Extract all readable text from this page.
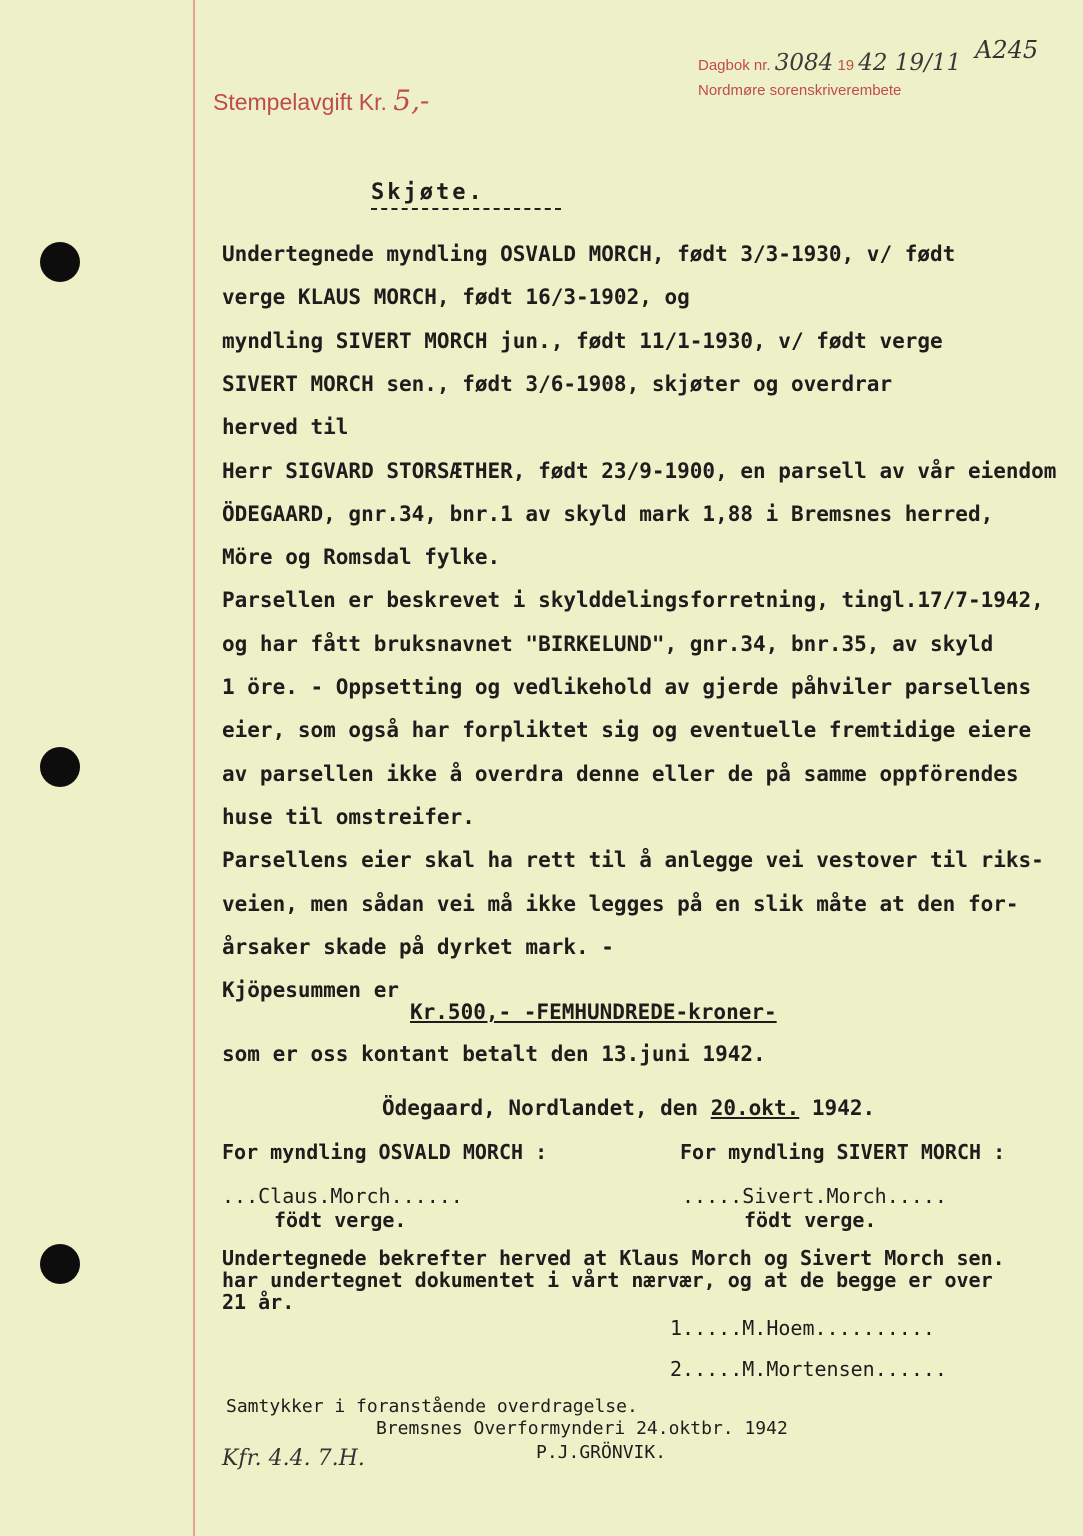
Stempelavgift Kr. 5,-
Dagbok nr. 3084 19 42 19/11
Nordmøre sorenskriverembete
A245
Skjøte.
Undertegnede myndling OSVALD MORCH, født 3/3-1930, v/ født
verge KLAUS MORCH, født 16/3-1902, og
myndling SIVERT MORCH jun., født 11/1-1930, v/ født verge
SIVERT MORCH sen., født 3/6-1908, skjøter og overdrar
herved til
Herr SIGVARD STORSÆTHER, født 23/9-1900, en parsell av vår eiendom
ÖDEGAARD, gnr.34, bnr.1 av skyld mark 1,88 i Bremsnes herred,
Möre og Romsdal fylke.
Parsellen er beskrevet i skylddelingsforretning, tingl.17/7-1942,
og har fått bruksnavnet "BIRKELUND", gnr.34, bnr.35, av skyld
1 öre. - Oppsetting og vedlikehold av gjerde påhviler parsellens
eier, som også har forpliktet sig og eventuelle fremtidige eiere
av parsellen ikke å overdra denne eller de på samme oppförendes
huse til omstreifer.
Parsellens eier skal ha rett til å anlegge vei vestover til riks-
veien, men sådan vei må ikke legges på en slik måte at den for-
årsaker skade på dyrket mark. -
Kjöpesummen er
Kr.500,- -FEMHUNDREDE-kroner-
som er oss kontant betalt den 13.juni 1942.
Ödegaard, Nordlandet, den 20.okt. 1942.
For myndling OSVALD MORCH :	For myndling SIVERT MORCH :
...Claus.Morch......	.....Sivert.Morch.....
födt verge.	födt verge.
Undertegnede bekrefter herved at Klaus Morch og Sivert Morch sen.
har undertegnet dokumentet i vårt nærvær, og at de begge er over
21 år.
1.....M.Hoem..........
2.....M.Mortensen......
Samtykker i foranstående overdragelse.
Bremsnes Overformynderi 24.oktbr. 1942
P.J.GRÖNVIK.
Kfr. 4.4. 7.H.
